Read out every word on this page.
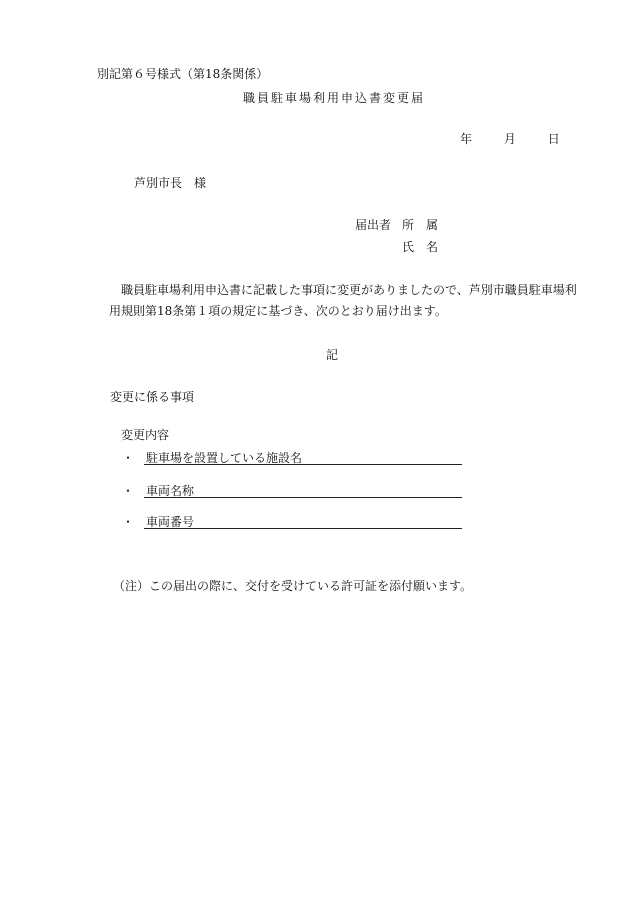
別記第６号様式（第18条関係）
職員駐車場利用申込書変更届
年	月	日
芦別市長　様
届出者 所　属
氏　名
職員駐車場利用申込書に記載した事項に変更がありましたので、芦別市職員駐車場利
用規則第18条第１項の規定に基づき、次のとおり届け出ます。
記
変更に係る事項
変更内容
・ 駐車場を設置している施設名
・ 車両名称
・ 車両番号
（注）この届出の際に、交付を受けている許可証を添付願います。
